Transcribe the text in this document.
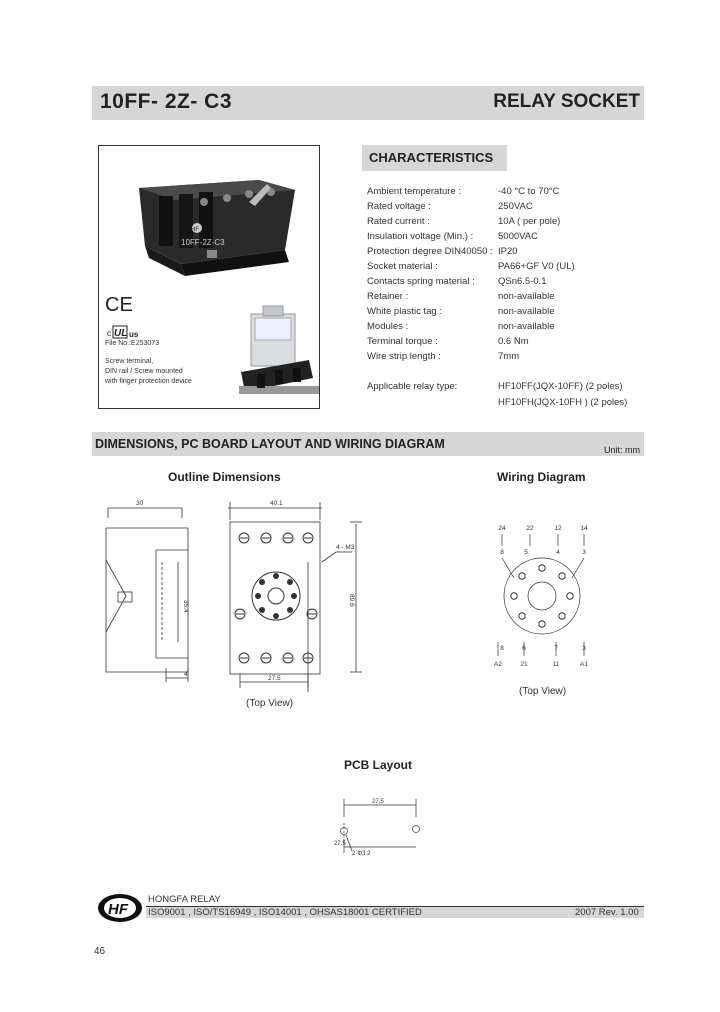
10FF- 2Z- C3	RELAY SOCKET
HF
10FF-2Z-C3
CE
c UL us
File No.:E253073
Screw terminal,
DIN rail / Screw mounted
with finger protection device
CHARACTERISTICS
Ambient temperature :	-40 °C to 70°C
Rated voltage :	250VAC
Rated current :	10A ( per pole)
Insulation voltage (Min.) :	5000VAC
Protection degree DIN40050 : IP20
Socket material :	PA66+GF V0 (UL)
Contacts spring material : QSn6.5-0.1
Retainer :	non-available
White plastic tag :	non-available
Modules :	non-available
Terminal torque :	0.6 Nm
Wire strip length :	7mm
Applicable relay type:	HF10FF(JQX-10FF) (2 poles)
HF10FH(JQX-10FH ) (2 poles)
DIMENSIONS, PC BOARD LAYOUT AND WIRING DIAGRAM	Unit: mm
Outline Dimensions	Wiring Diagram
30
35.4
4
40.1
4 - M3
89.6
27.5
(Top View)
24	22	12	14
8	5	4	3
8	6	7	3
A2	21	11	A1
(Top View)
PCB Layout
27.5
27.5
2-Φ3.2
HF
HONGFA RELAY
ISO9001 , ISO/TS16949 , ISO14001 , OHSAS18001 CERTIFIED	2007 Rev. 1.00
46
